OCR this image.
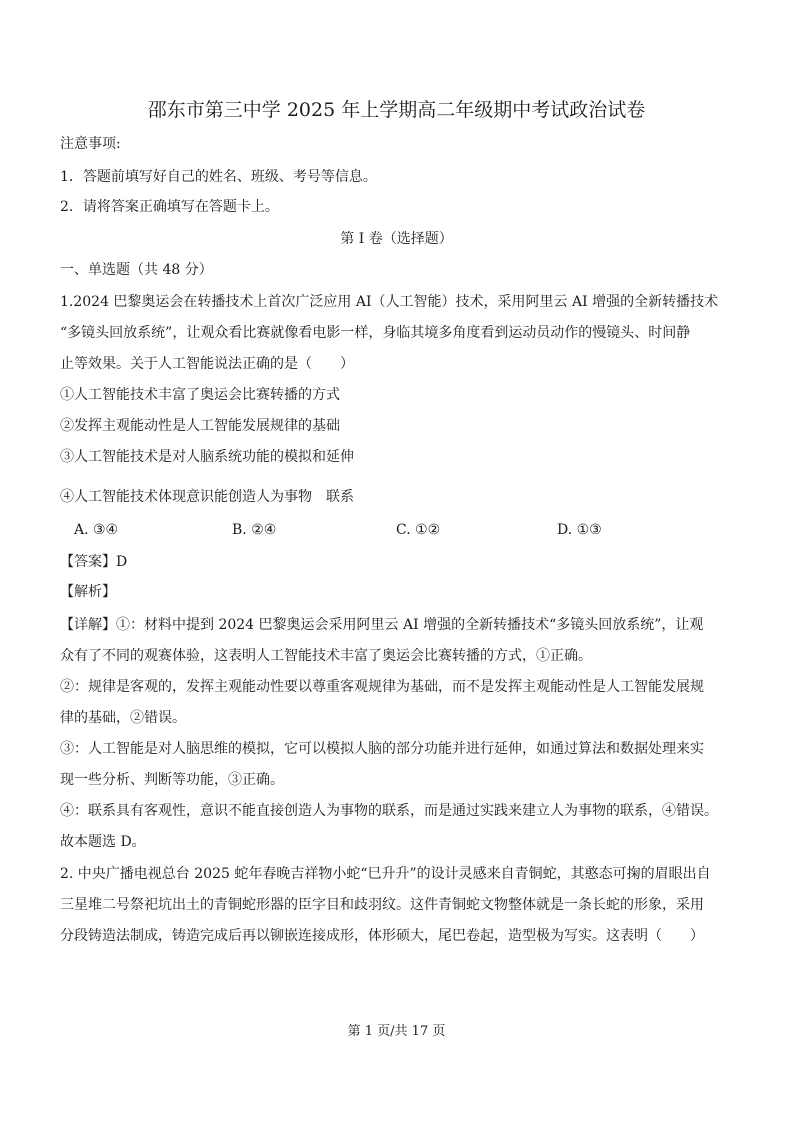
邵东市第三中学 2025 年上学期高二年级期中考试政治试卷
注意事项:
1．答题前填写好自己的姓名、班级、考号等信息。
2．请将答案正确填写在答题卡上。
第 I 卷（选择题）
一、单选题（共 48 分）
1.2024 巴黎奥运会在转播技术上首次广泛应用 AI（人工智能）技术，采用阿里云 AI 增强的全新转播技术
“多镜头回放系统”，让观众看比赛就像看电影一样，身临其境多角度看到运动员动作的慢镜头、时间静
止等效果。关于人工智能说法正确的是（　　）
①人工智能技术丰富了奥运会比赛转播的方式
②发挥主观能动性是人工智能发展规律的基础
③人工智能技术是对人脑系统功能的模拟和延伸
④人工智能技术体现意识能创造人为事物　联系
A. ③④	B. ②④	C. ①②	D. ①③
【答案】D
【解析】
【详解】①：材料中提到 2024 巴黎奥运会采用阿里云 AI 增强的全新转播技术“多镜头回放系统”，让观
众有了不同的观赛体验，这表明人工智能技术丰富了奥运会比赛转播的方式，①正确。
②：规律是客观的，发挥主观能动性要以尊重客观规律为基础，而不是发挥主观能动性是人工智能发展规
律的基础，②错误。
③：人工智能是对人脑思维的模拟，它可以模拟人脑的部分功能并进行延伸，如通过算法和数据处理来实
现一些分析、判断等功能，③正确。
④：联系具有客观性，意识不能直接创造人为事物的联系，而是通过实践来建立人为事物的联系，④错误。
故本题选 D。
2. 中央广播电视总台 2025 蛇年春晚吉祥物小蛇“巳升升”的设计灵感来自青铜蛇，其憨态可掬的眉眼出自
三星堆二号祭祀坑出土的青铜蛇形器的臣字目和歧羽纹。这件青铜蛇文物整体就是一条长蛇的形象，采用
分段铸造法制成，铸造完成后再以铆嵌连接成形，体形硕大，尾巴卷起，造型极为写实。这表明（　　）
第 1 页/共 17 页
